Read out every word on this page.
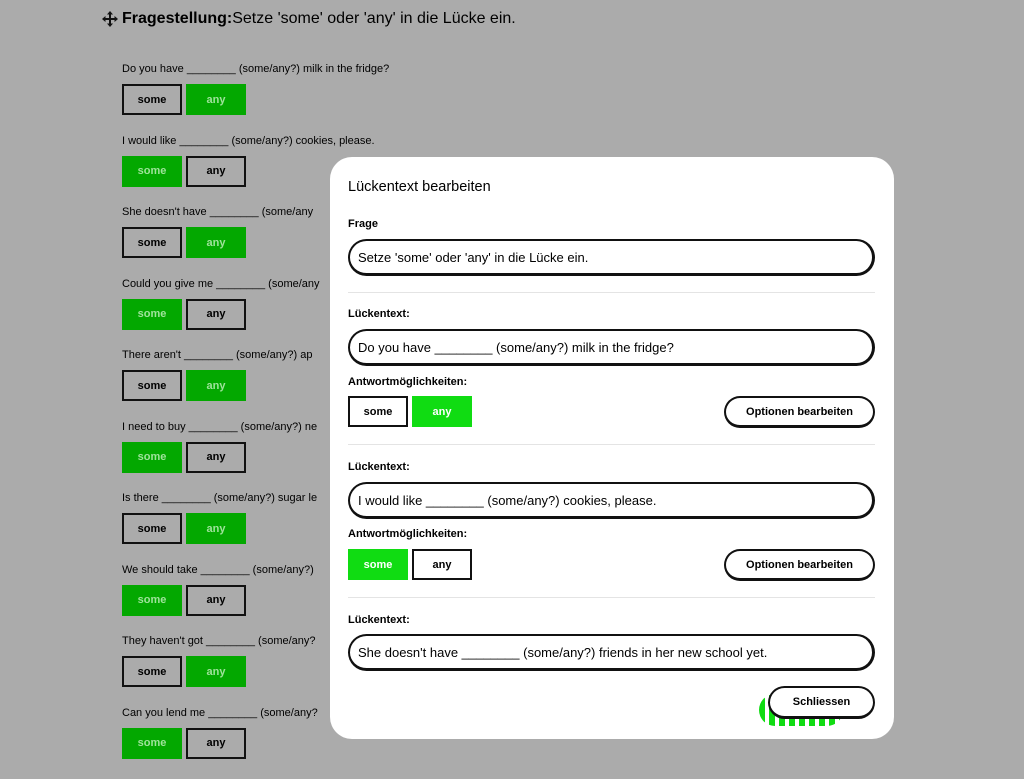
Fragestellung: Setze 'some' oder 'any' in die Lücke ein.
Do you have ________ (some/any?) milk in the fridge?
some	any
I would like ________ (some/any?) cookies, please.
some	any
She doesn't have ________ (some/any
some	any
Could you give me ________ (some/any
some	any
There aren't ________ (some/any?) ap
some	any
I need to buy ________ (some/any?) ne
some	any
Is there ________ (some/any?) sugar le
some	any
We should take ________ (some/any?)
some	any
They haven't got ________ (some/any?
some	any
Can you lend me ________ (some/any?
some	any
Lückentext bearbeiten
Frage
Setze 'some' oder 'any' in die Lücke ein.
Lückentext:
Do you have ________ (some/any?) milk in the fridge?
Antwortmöglichkeiten:
some	any	Optionen bearbeiten
Lückentext:
I would like ________ (some/any?) cookies, please.
Antwortmöglichkeiten:
some	any	Optionen bearbeiten
Lückentext:
She doesn't have ________ (some/any?) friends in her new school yet.
Schliessen
